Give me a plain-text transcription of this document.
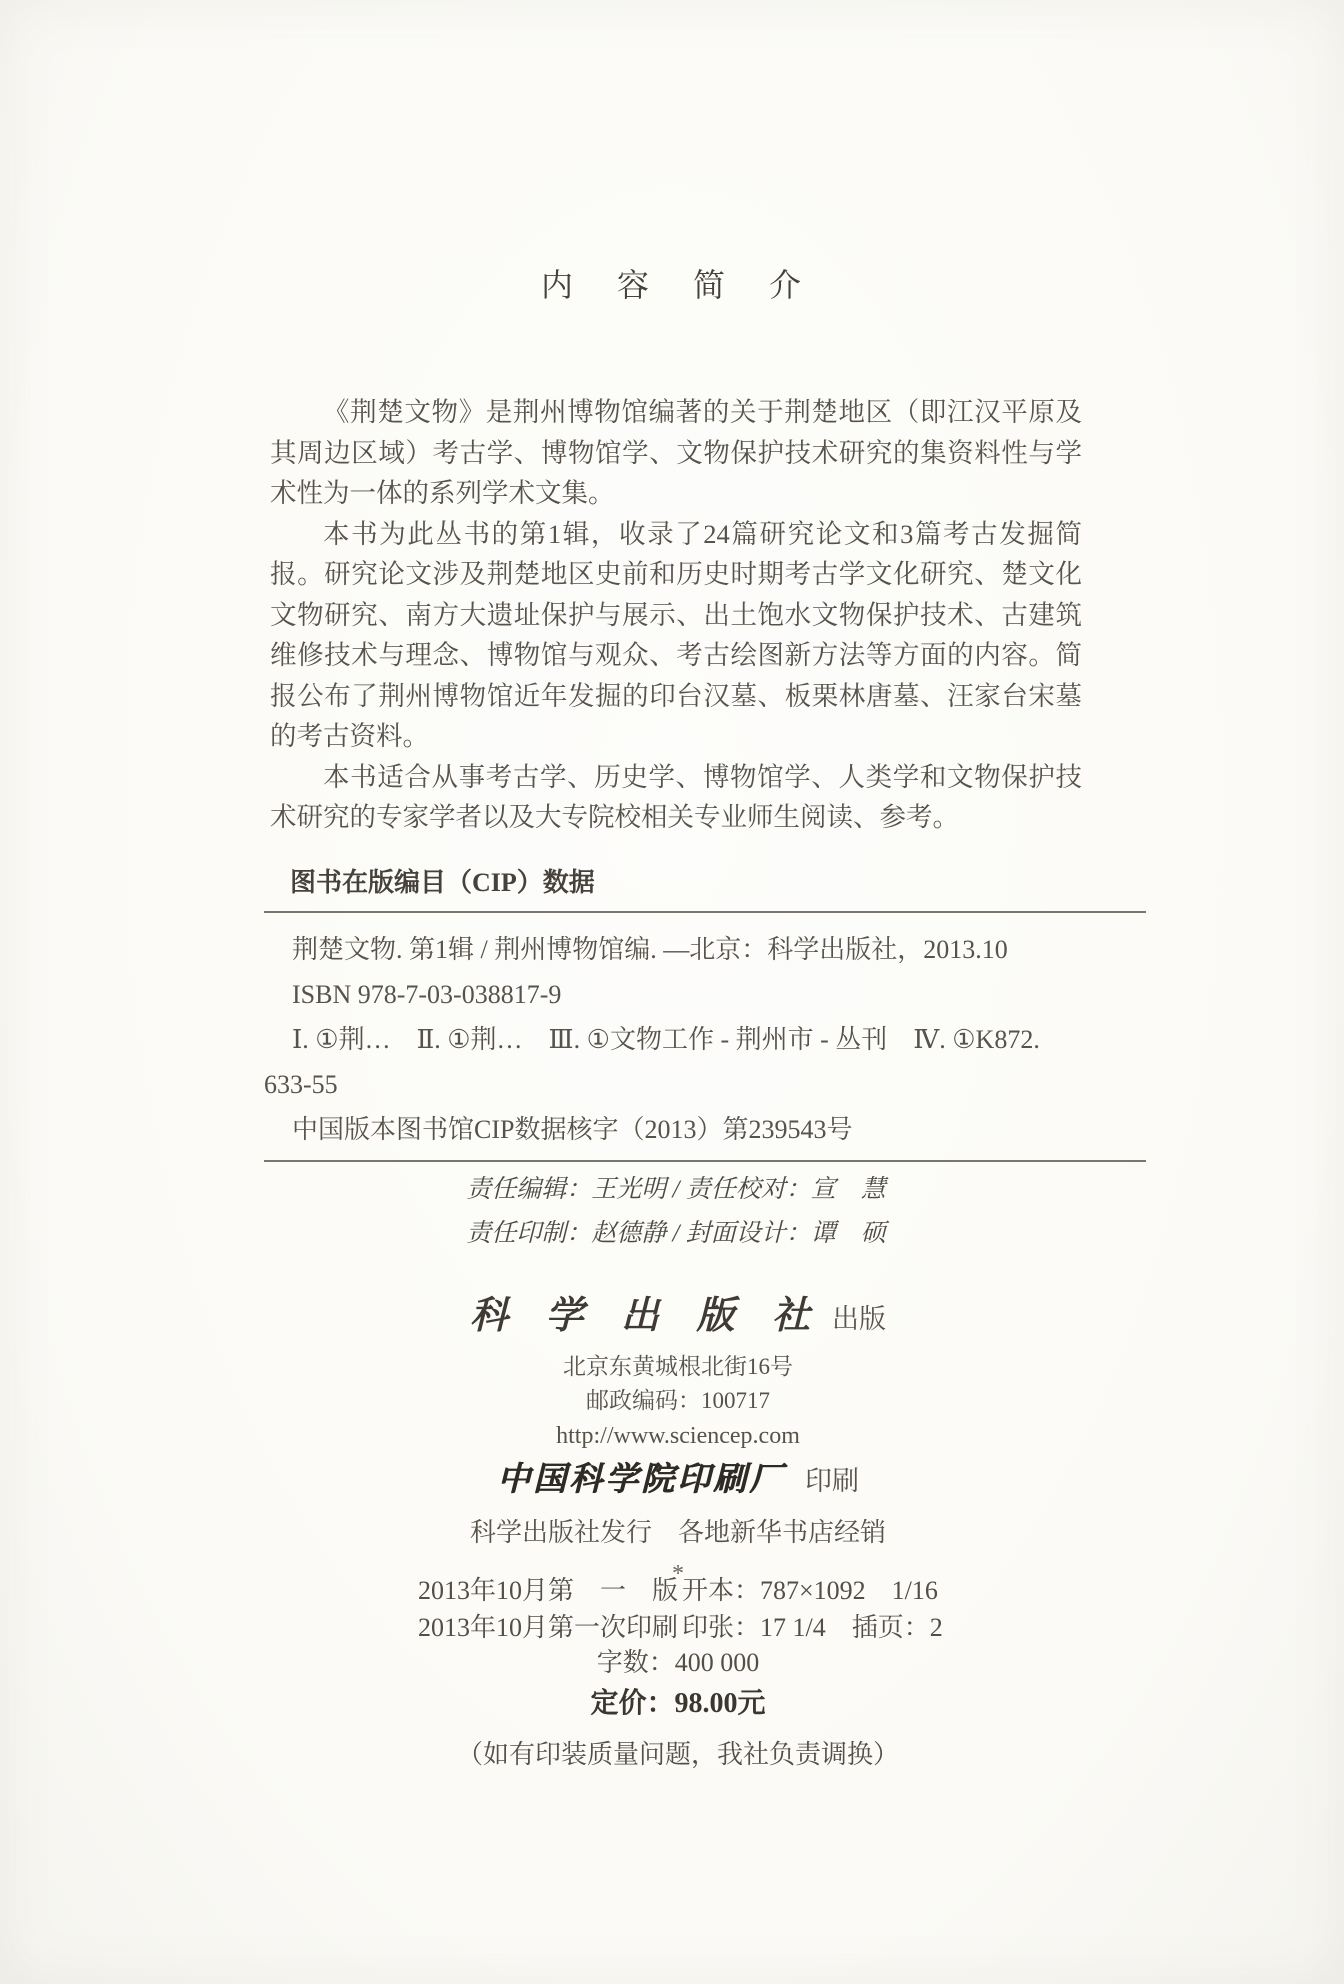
内　容　简　介

《荆楚文物》是荆州博物馆编著的关于荆楚地区（即江汉平原及其周边区域）考古学、博物馆学、文物保护技术研究的集资料性与学术性为一体的系列学术文集。

本书为此丛书的第1辑，收录了24篇研究论文和3篇考古发掘简报。研究论文涉及荆楚地区史前和历史时期考古学文化研究、楚文化文物研究、南方大遗址保护与展示、出土饱水文物保护技术、古建筑维修技术与理念、博物馆与观众、考古绘图新方法等方面的内容。简报公布了荆州博物馆近年发掘的印台汉墓、板栗林唐墓、汪家台宋墓的考古资料。

本书适合从事考古学、历史学、博物馆学、人类学和文物保护技术研究的专家学者以及大专院校相关专业师生阅读、参考。

图书在版编目（CIP）数据

荆楚文物. 第1辑 / 荆州博物馆编. —北京：科学出版社，2013.10
ISBN 978-7-03-038817-9
Ⅰ. ①荆…　Ⅱ. ①荆…　Ⅲ. ①文物工作 - 荆州市 - 丛刊　Ⅳ. ①K872.
633-55
中国版本图书馆CIP数据核字（2013）第239543号
责任编辑：王光明 / 责任校对：宣　慧
责任印制：赵德静 / 封面设计：谭　硕
科 学 出 版 社 出版
北京东黄城根北街16号
邮政编码：100717
http://www.sciencep.com
中国科学院印刷厂 印刷
科学出版社发行　各地新华书店经销
*
2013年10月第　一　版 开本：787×1092　1/16
2013年10月第一次印刷 印张：17 1/4　插页：2
字数：400 000
定价：98.00元
（如有印装质量问题，我社负责调换）
